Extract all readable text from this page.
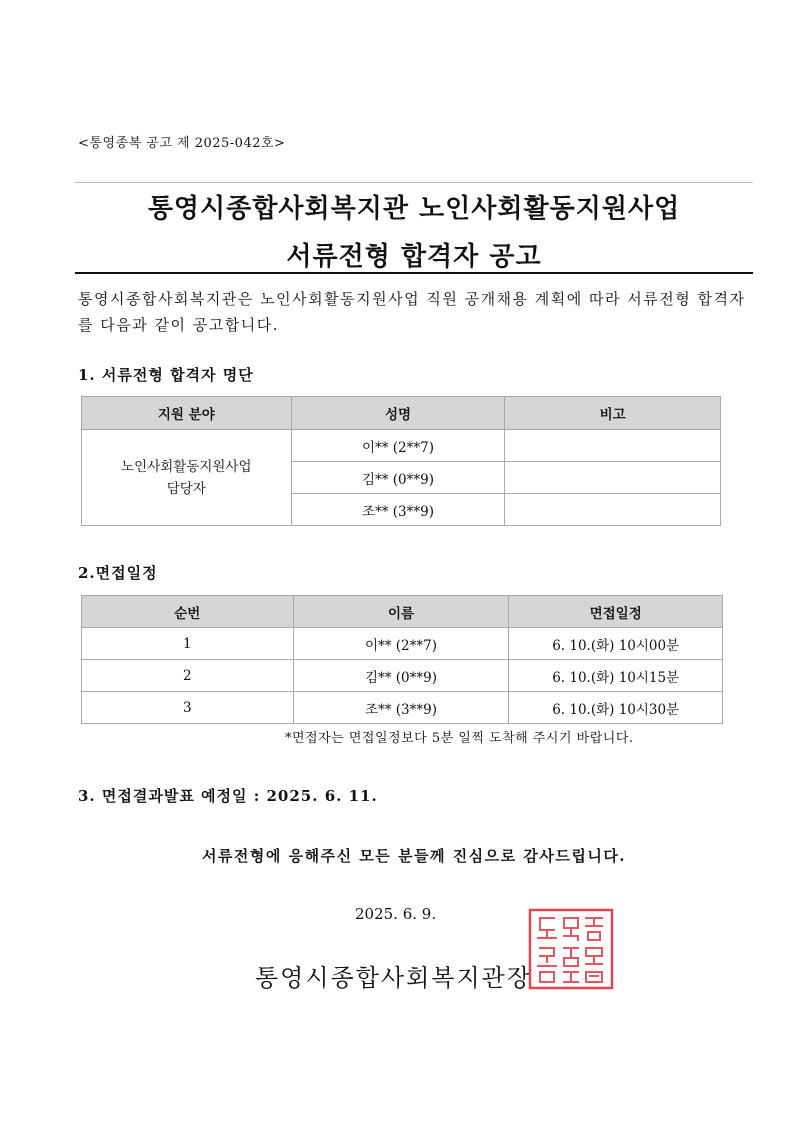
<통영종복 공고 제 2025-042호>
통영시종합사회복지관 노인사회활동지원사업
서류전형 합격자 공고
통영시종합사회복지관은 노인사회활동지원사업 직원 공개채용 계획에 따라 서류전형 합격자를 다음과 같이 공고합니다.
1. 서류전형 합격자 명단
지원 분야	성명	비고
노인사회활동지원사업
담당자	이** (2**7)	
	김** (0**9)	
	조** (3**9)	
2.면접일정
순번	이름	면접일정
1	이** (2**7)	6. 10.(화) 10시00분
2	김** (0**9)	6. 10.(화) 10시15분
3	조** (3**9)	6. 10.(화) 10시30분
*면접자는 면접일정보다 5분 일찍 도착해 주시기 바랍니다.
3. 면접결과발표 예정일 : 2025. 6. 11.
서류전형에 응해주신 모든 분들께 진심으로 감사드립니다.
2025. 6. 9.
통영시종합사회복지관장
